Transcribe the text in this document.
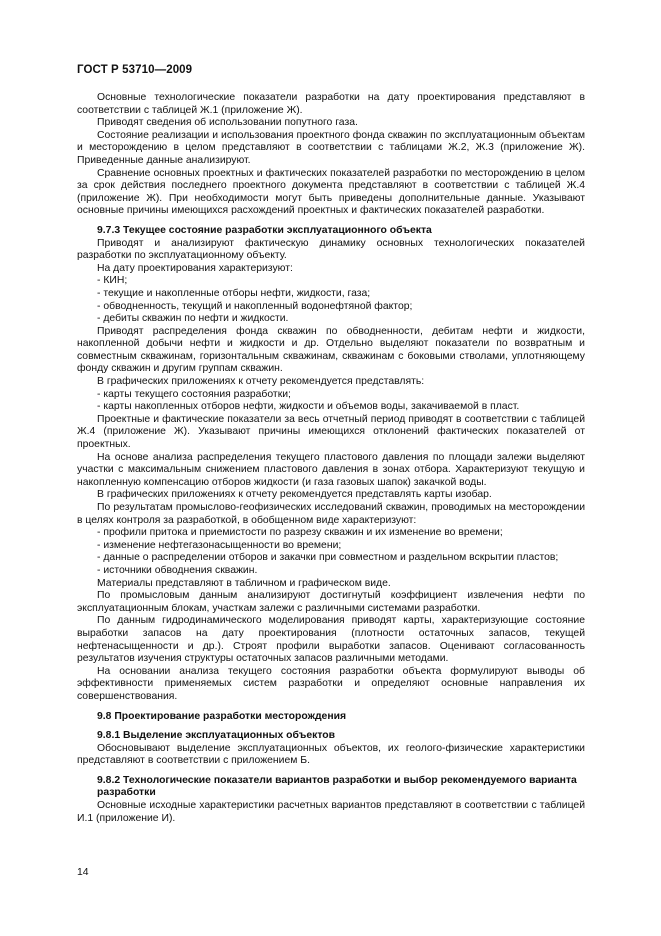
ГОСТ Р 53710—2009

Основные технологические показатели разработки на дату проектирования представляют в соответствии с таблицей Ж.1 (приложение Ж).

Приводят сведения об использовании попутного газа.

Состояние реализации и использования проектного фонда скважин по эксплуатационным объектам и месторождению в целом представляют в соответствии с таблицами Ж.2, Ж.3 (приложение Ж). Приведенные данные анализируют.

Сравнение основных проектных и фактических показателей разработки по месторождению в целом за срок действия последнего проектного документа представляют в соответствии с таблицей Ж.4 (приложение Ж). При необходимости могут быть приведены дополнительные данные. Указывают основные причины имеющихся расхождений проектных и фактических показателей разработки.

9.7.3 Текущее состояние разработки эксплуатационного объекта

Приводят и анализируют фактическую динамику основных технологических показателей разработки по эксплуатационному объекту.

На дату проектирования характеризуют:

- КИН;

- текущие и накопленные отборы нефти, жидкости, газа;

- обводненность, текущий и накопленный водонефтяной фактор;

- дебиты скважин по нефти и жидкости.

Приводят распределения фонда скважин по обводненности, дебитам нефти и жидкости, накопленной добычи нефти и жидкости и др. Отдельно выделяют показатели по возвратным и совместным скважинам, горизонтальным скважинам, скважинам с боковыми стволами, уплотняющему фонду скважин и другим группам скважин.

В графических приложениях к отчету рекомендуется представлять:

- карты текущего состояния разработки;

- карты накопленных отборов нефти, жидкости и объемов воды, закачиваемой в пласт.

Проектные и фактические показатели за весь отчетный период приводят в соответствии с таблицей Ж.4 (приложение Ж). Указывают причины имеющихся отклонений фактических показателей от проектных.

На основе анализа распределения текущего пластового давления по площади залежи выделяют участки с максимальным снижением пластового давления в зонах отбора. Характеризуют текущую и накопленную компенсацию отборов жидкости (и газа газовых шапок) закачкой воды.

В графических приложениях к отчету рекомендуется представлять карты изобар.

По результатам промыслово-геофизических исследований скважин, проводимых на месторождении в целях контроля за разработкой, в обобщенном виде характеризуют:

- профили притока и приемистости по разрезу скважин и их изменение во времени;

- изменение нефтегазонасыщенности во времени;

- данные о распределении отборов и закачки при совместном и раздельном вскрытии пластов;

- источники обводнения скважин.

Материалы представляют в табличном и графическом виде.

По промысловым данным анализируют достигнутый коэффициент извлечения нефти по эксплуатационным блокам, участкам залежи с различными системами разработки.

По данным гидродинамического моделирования приводят карты, характеризующие состояние выработки запасов на дату проектирования (плотности остаточных запасов, текущей нефтенасыщенности и др.). Строят профили выработки запасов. Оценивают согласованность результатов изучения структуры остаточных запасов различными методами.

На основании анализа текущего состояния разработки объекта формулируют выводы об эффективности применяемых систем разработки и определяют основные направления их совершенствования.

9.8 Проектирование разработки месторождения
9.8.1 Выделение эксплуатационных объектов

Обосновывают выделение эксплуатационных объектов, их геолого-физические характеристики представляют в соответствии с приложением Б.

9.8.2 Технологические показатели вариантов разработки и выбор рекомендуемого варианта разработки

Основные исходные характеристики расчетных вариантов представляют в соответствии с таблицей И.1 (приложение И).

14
